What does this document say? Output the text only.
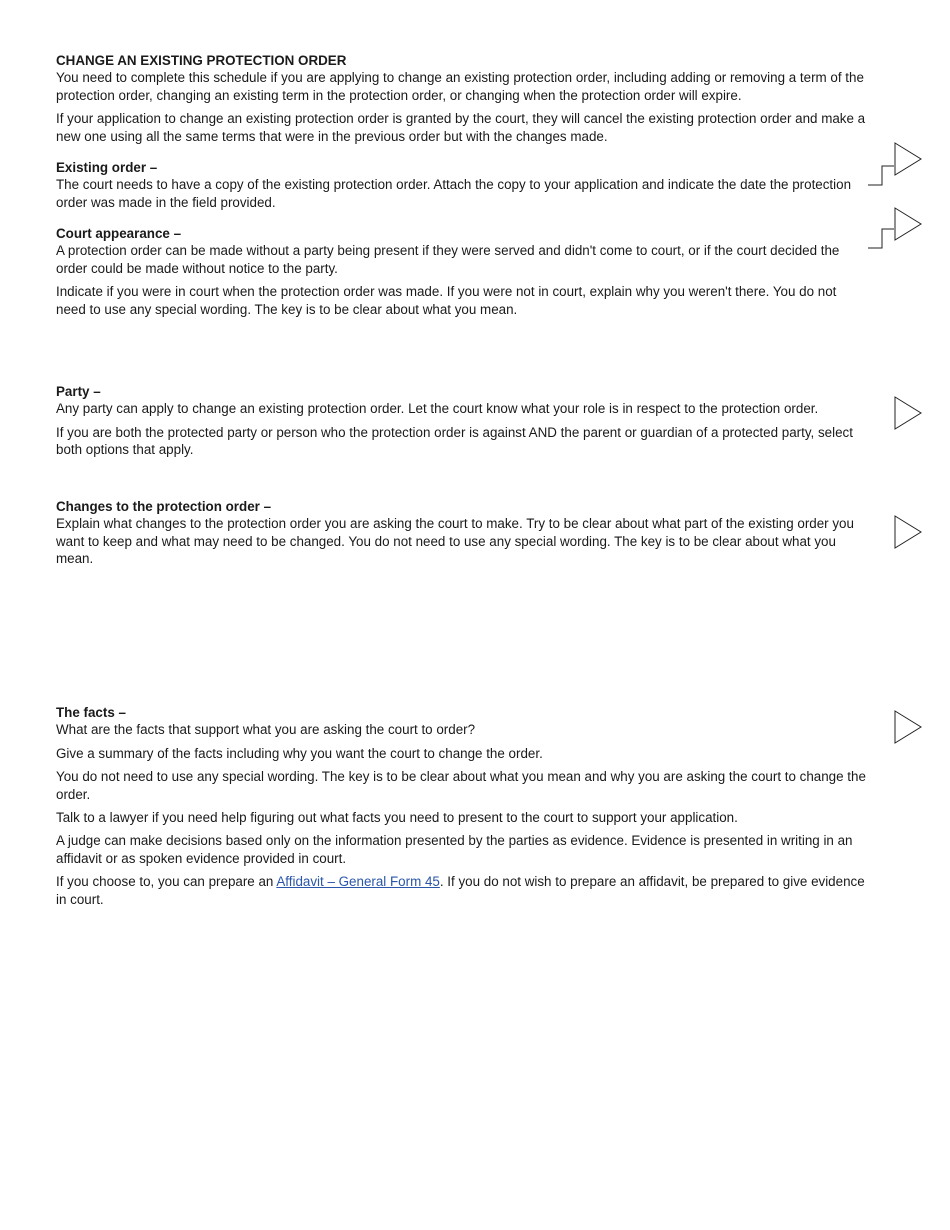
CHANGE AN EXISTING PROTECTION ORDER

You need to complete this schedule if you are applying to change an existing protection order, including adding or removing a term of the protection order, changing an existing term in the protection order, or changing when the protection order will expire.

If your application to change an existing protection order is granted by the court, they will cancel the existing protection order and make a new one using all the same terms that were in the previous order but with the changes made.

Existing order –

The court needs to have a copy of the existing protection order. Attach the copy to your application and indicate the date the protection order was made in the field provided.

Court appearance –

A protection order can be made without a party being present if they were served and didn't come to court, or if the court decided the order could be made without notice to the party.

Indicate if you were in court when the protection order was made. If you were not in court, explain why you weren't there. You do not need to use any special wording. The key is to be clear about what you mean.

Party –

Any party can apply to change an existing protection order. Let the court know what your role is in respect to the protection order.

If you are both the protected party or person who the protection order is against AND the parent or guardian of a protected party, select both options that apply.

Changes to the protection order –

Explain what changes to the protection order you are asking the court to make. Try to be clear about what part of the existing order you want to keep and what may need to be changed. You do not need to use any special wording. The key is to be clear about what you mean.

The facts –

What are the facts that support what you are asking the court to order?

Give a summary of the facts including why you want the court to change the order.

You do not need to use any special wording. The key is to be clear about what you mean and why you are asking the court to change the order.

Talk to a lawyer if you need help figuring out what facts you need to present to the court to support your application.

A judge can make decisions based only on the information presented by the parties as evidence. Evidence is presented in writing in an affidavit or as spoken evidence provided in court.

If you choose to, you can prepare an Affidavit – General Form 45. If you do not wish to prepare an affidavit, be prepared to give evidence in court.
